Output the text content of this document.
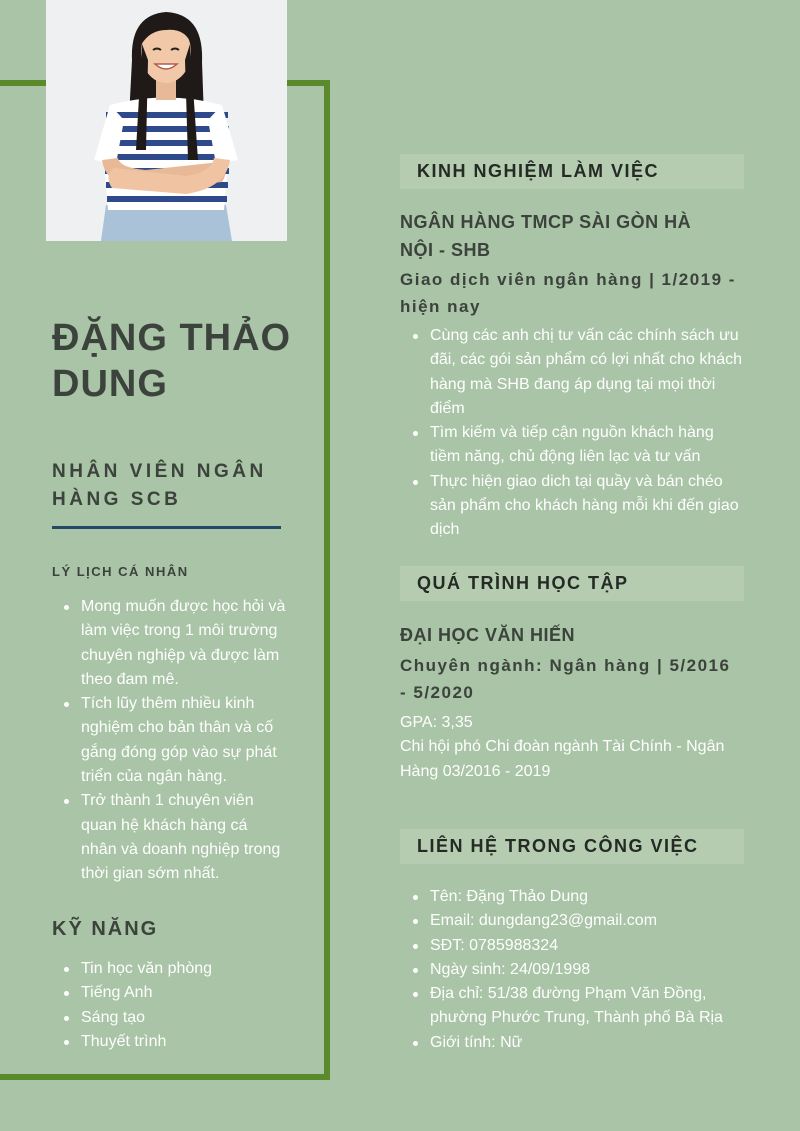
ĐẶNG THẢO DUNG
NHÂN VIÊN NGÂN HÀNG SCB
LÝ LỊCH CÁ NHÂN
Mong muốn được học hỏi và làm việc trong 1 môi trường chuyên nghiệp và được làm theo đam mê.
Tích lũy thêm nhiều kinh nghiệm cho bản thân và cố gắng đóng góp vào sự phát triển của ngân hàng.
Trở thành 1 chuyên viên quan hệ khách hàng cá nhân và doanh nghiệp trong thời gian sớm nhất.
KỸ NĂNG
Tin học văn phòng
Tiếng Anh
Sáng tạo
Thuyết trình
KINH NGHIỆM LÀM VIỆC
NGÂN HÀNG TMCP SÀI GÒN HÀ NỘI - SHB
Giao dịch viên ngân hàng | 1/2019 - hiện nay
Cùng các anh chị tư vấn các chính sách ưu đãi, các gói sản phẩm có lợi nhất cho khách hàng mà SHB đang áp dụng tại mọi thời điểm
Tìm kiếm và tiếp cận nguồn khách hàng tiềm năng, chủ động liên lạc và tư vấn
Thực hiện giao dich tại quầy và bán chéo sản phẩm cho khách hàng mỗi khi đến giao dịch
QUÁ TRÌNH HỌC TẬP
ĐẠI HỌC VĂN HIẾN
Chuyên ngành: Ngân hàng | 5/2016 - 5/2020

GPA: 3,35

Chi hội phó Chi đoàn ngành Tài Chính - Ngân Hàng 03/2016 - 2019

LIÊN HỆ TRONG CÔNG VIỆC
Tên: Đặng Thảo Dung
Email: dungdang23@gmail.com
SĐT: 0785988324
Ngày sinh: 24/09/1998
Địa chỉ: 51/38 đường Phạm Văn Đồng, phường Phước Trung, Thành phố Bà Rịa
Giới tính: Nữ
